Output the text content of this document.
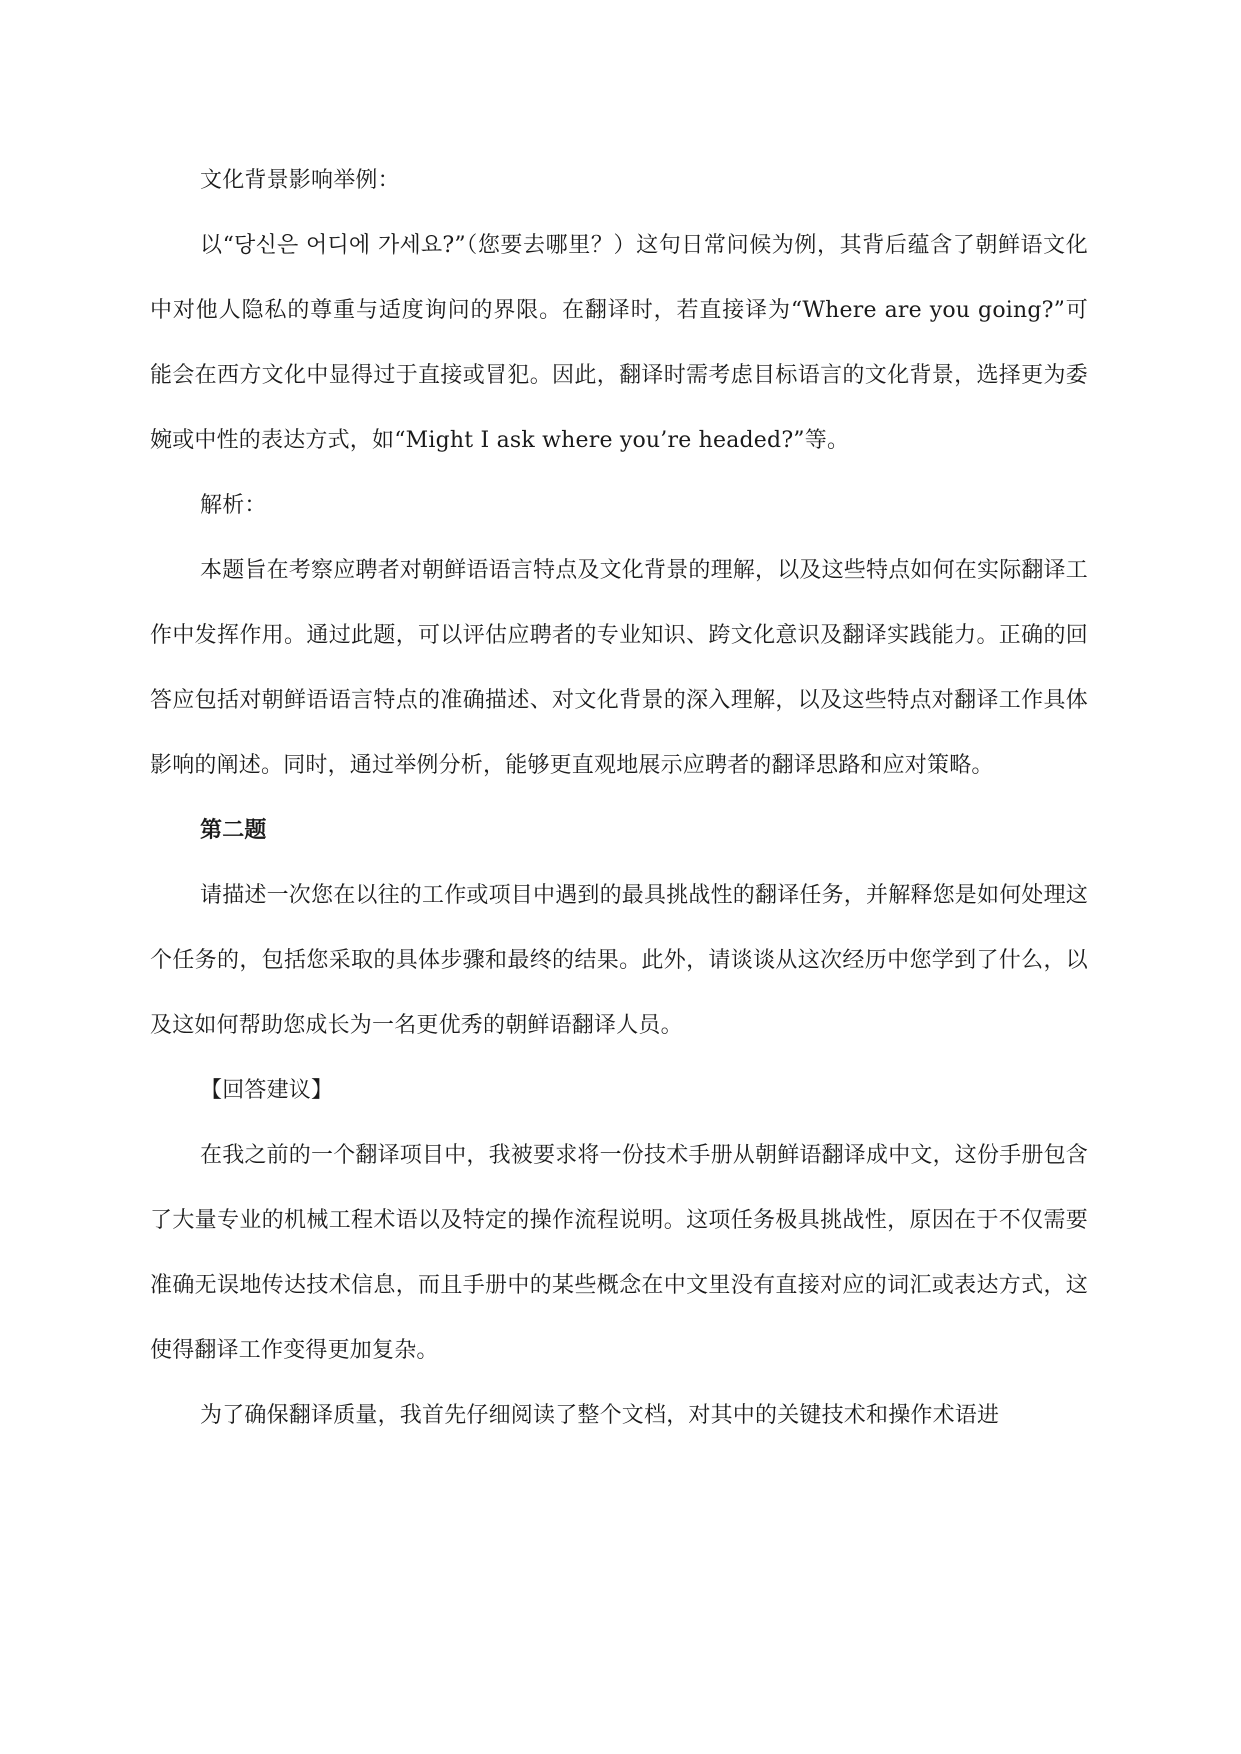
文化背景影响举例：

以“당신은 어디에 가세요?”（您要去哪里？）这句日常问候为例，其背后蕴含了朝鲜语文化中对他人隐私的尊重与适度询问的界限。在翻译时，若直接译为“Where are you going?”可能会在西方文化中显得过于直接或冒犯。因此，翻译时需考虑目标语言的文化背景，选择更为委婉或中性的表达方式，如“Might I ask where you’re headed?”等。

解析：

本题旨在考察应聘者对朝鲜语语言特点及文化背景的理解，以及这些特点如何在实际翻译工作中发挥作用。通过此题，可以评估应聘者的专业知识、跨文化意识及翻译实践能力。正确的回答应包括对朝鲜语语言特点的准确描述、对文化背景的深入理解，以及这些特点对翻译工作具体影响的阐述。同时，通过举例分析，能够更直观地展示应聘者的翻译思路和应对策略。

第二题

请描述一次您在以往的工作或项目中遇到的最具挑战性的翻译任务，并解释您是如何处理这个任务的，包括您采取的具体步骤和最终的结果。此外，请谈谈从这次经历中您学到了什么，以及这如何帮助您成长为一名更优秀的朝鲜语翻译人员。

【回答建议】

在我之前的一个翻译项目中，我被要求将一份技术手册从朝鲜语翻译成中文，这份手册包含了大量专业的机械工程术语以及特定的操作流程说明。这项任务极具挑战性，原因在于不仅需要准确无误地传达技术信息，而且手册中的某些概念在中文里没有直接对应的词汇或表达方式，这使得翻译工作变得更加复杂。

为了确保翻译质量，我首先仔细阅读了整个文档，对其中的关键技术和操作术语进
